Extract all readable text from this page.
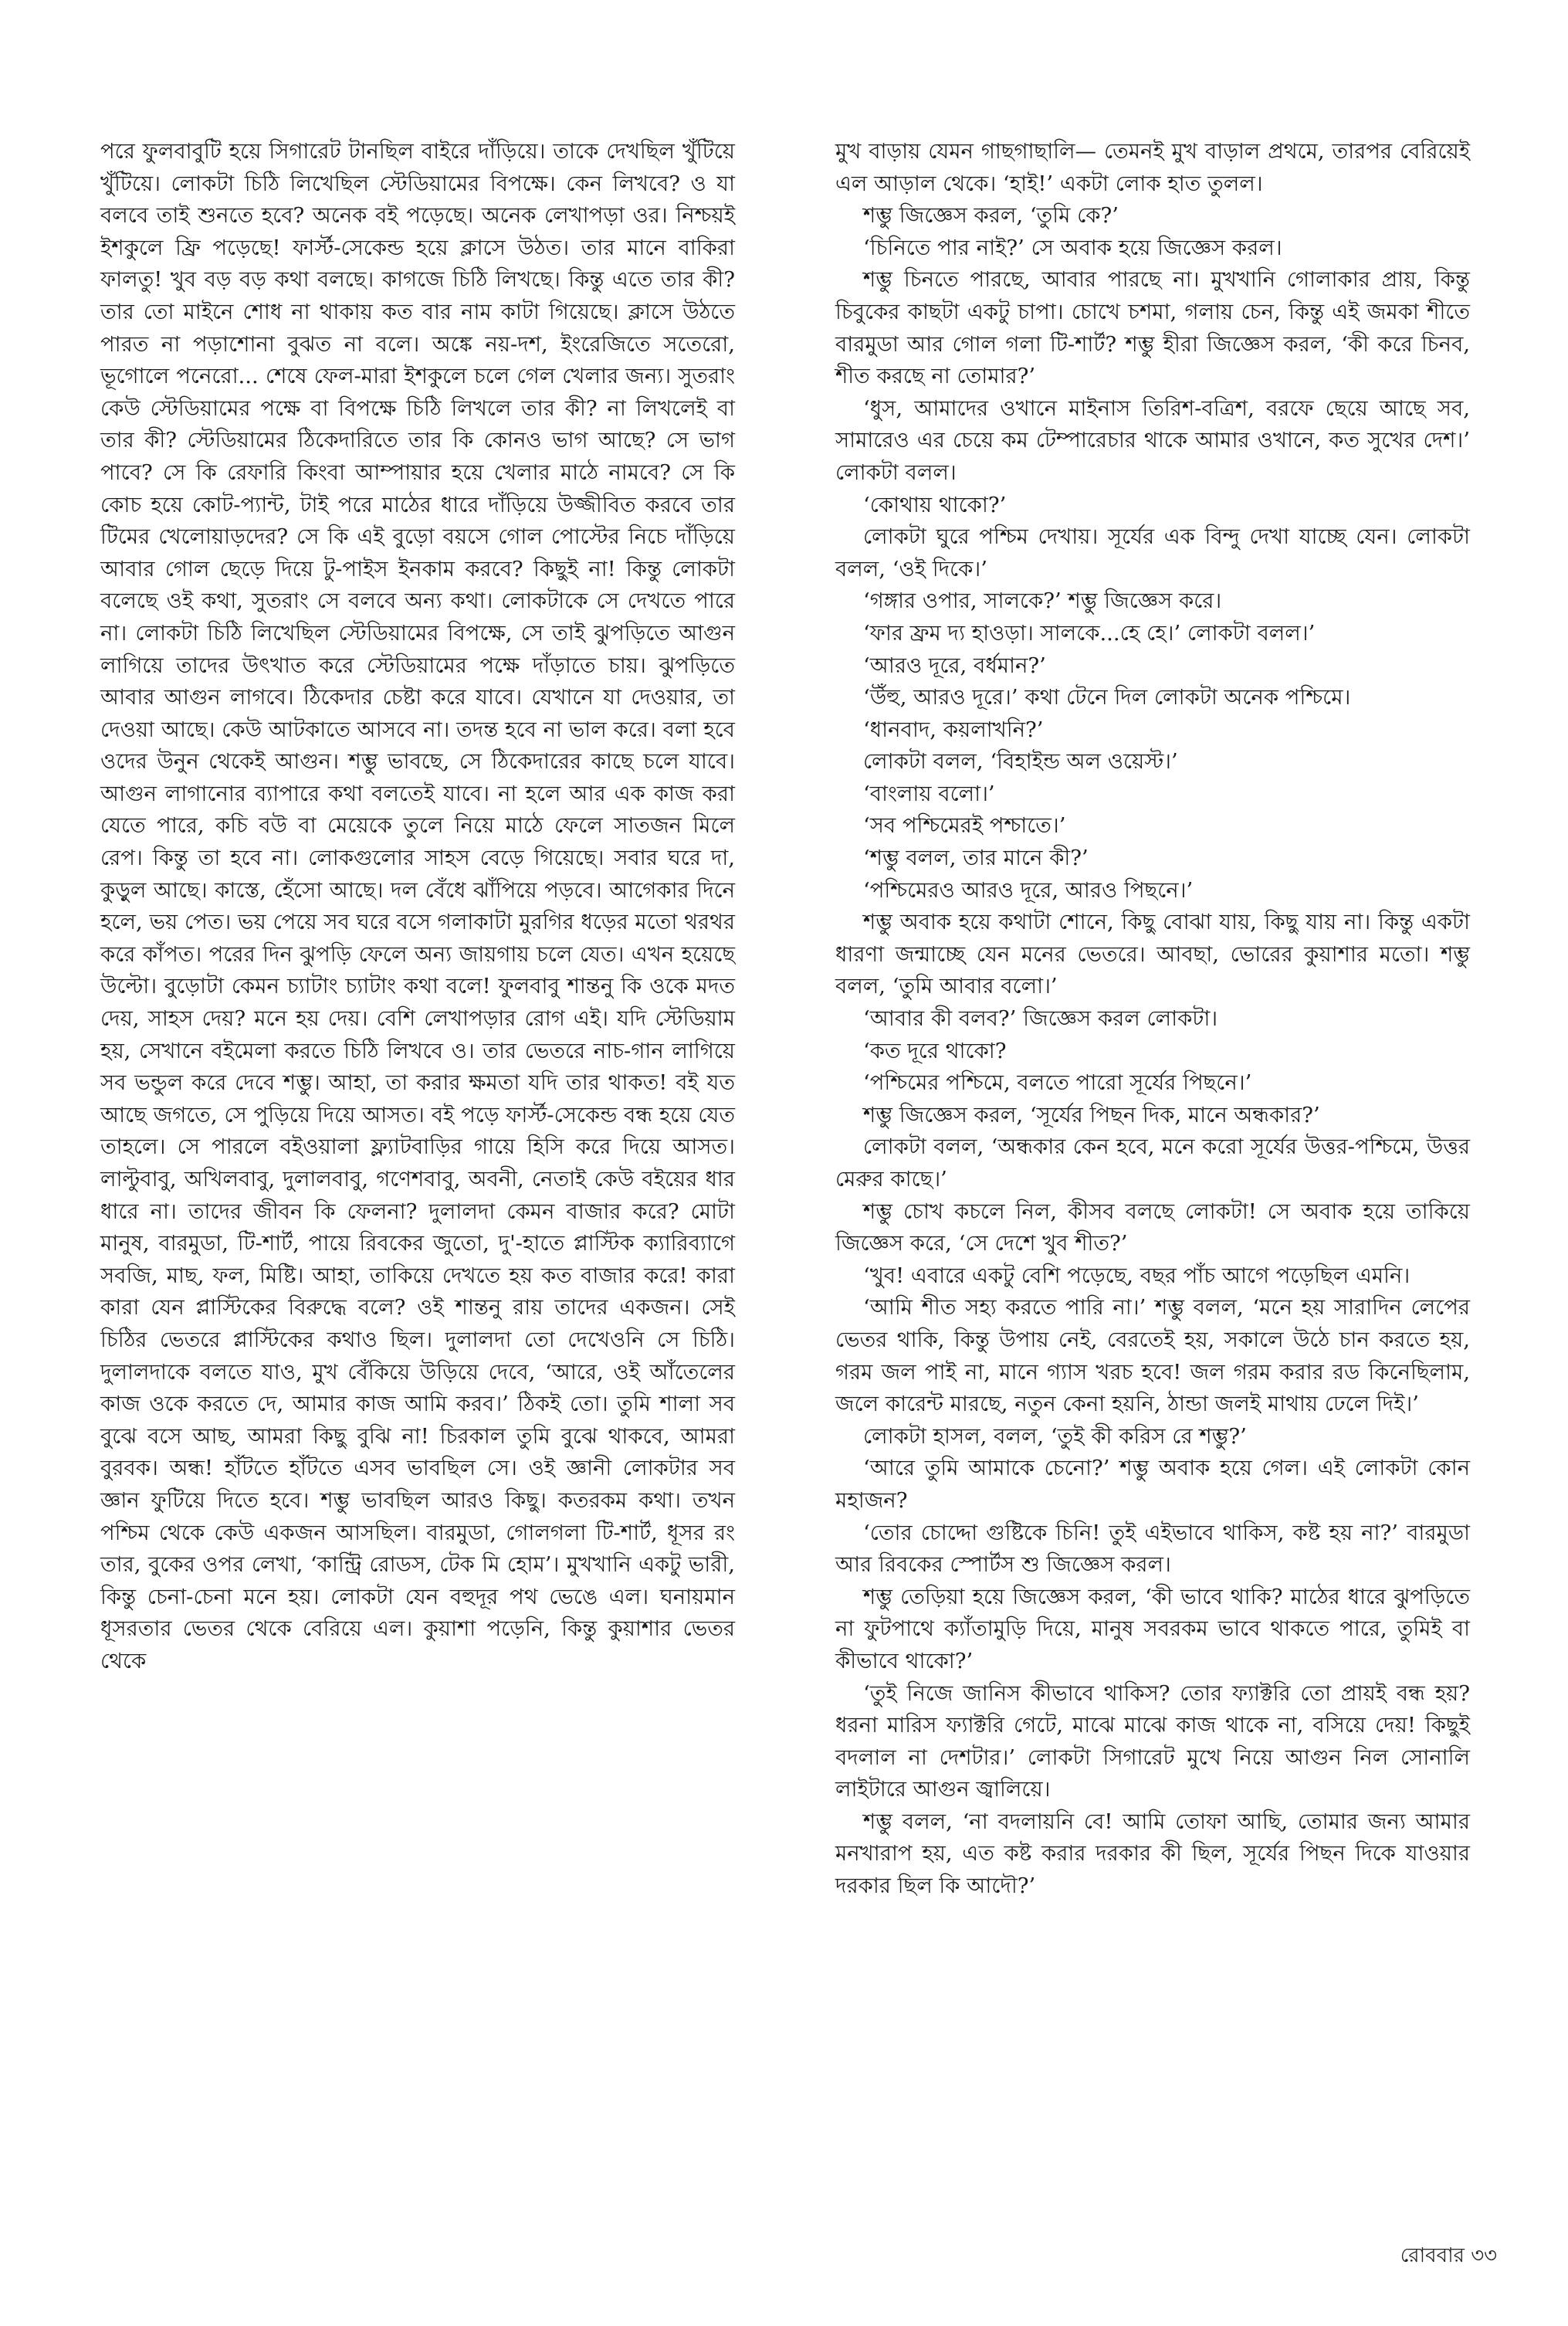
পরে ফুলবাবুটি হয়ে সিগারেট টানছিল বাইরে দাঁড়িয়ে। তাকে দেখছিল খুঁটিয়ে খুঁটিয়ে। লোকটা চিঠি লিখেছিল স্টেডিয়ামের বিপক্ষে। কেন লিখবে? ও যা বলবে তাই শুনতে হবে? অনেক বই পড়েছে। অনেক লেখাপড়া ওর। নিশ্চয়ই ইশকুলে ফ্রি পড়েছে! ফার্স্ট-সেকেন্ড হয়ে ক্লাসে উঠত। তার মানে বাকিরা ফালতু! খুব বড় বড় কথা বলছে। কাগজে চিঠি লিখছে। কিন্তু এতে তার কী? তার তো মাইনে শোধ না থাকায় কত বার নাম কাটা গিয়েছে। ক্লাসে উঠতে পারত না পড়াশোনা বুঝত না বলে। অঙ্কে নয়-দশ, ইংরেজিতে সতেরো, ভূগোলে পনেরো... শেষে ফেল-মারা ইশকুলে চলে গেল খেলার জন্য। সুতরাং কেউ স্টেডিয়ামের পক্ষে বা বিপক্ষে চিঠি লিখলে তার কী? না লিখলেই বা তার কী? স্টেডিয়ামের ঠিকেদারিতে তার কি কোনও ভাগ আছে? সে ভাগ পাবে? সে কি রেফারি কিংবা আম্পায়ার হয়ে খেলার মাঠে নামবে? সে কি কোচ হয়ে কোট-প্যান্ট, টাই পরে মাঠের ধারে দাঁড়িয়ে উজ্জীবিত করবে তার টিমের খেলোয়াড়দের? সে কি এই বুড়ো বয়সে গোল পোস্টের নিচে দাঁড়িয়ে আবার গোল ছেড়ে দিয়ে টু-পাইস ইনকাম করবে? কিছুই না! কিন্তু লোকটা বলেছে ওই কথা, সুতরাং সে বলবে অন্য কথা। লোকটাকে সে দেখতে পারে না। লোকটা চিঠি লিখেছিল স্টেডিয়ামের বিপক্ষে, সে তাই ঝুপড়িতে আগুন লাগিয়ে তাদের উৎখাত করে স্টেডিয়ামের পক্ষে দাঁড়াতে চায়। ঝুপড়িতে আবার আগুন লাগবে। ঠিকেদার চেষ্টা করে যাবে। যেখানে যা দেওয়ার, তা দেওয়া আছে। কেউ আটকাতে আসবে না। তদন্ত হবে না ভাল করে। বলা হবে ওদের উনুন থেকেই আগুন। শম্ভু ভাবছে, সে ঠিকেদারের কাছে চলে যাবে। আগুন লাগানোর ব্যাপারে কথা বলতেই যাবে। না হলে আর এক কাজ করা যেতে পারে, কচি বউ বা মেয়েকে তুলে নিয়ে মাঠে ফেলে সাতজন মিলে রেপ। কিন্তু তা হবে না। লোকগুলোর সাহস বেড়ে গিয়েছে। সবার ঘরে দা, কুড়ুল আছে। কাস্তে, হেঁসো আছে। দল বেঁধে ঝাঁপিয়ে পড়বে। আগেকার দিনে হলে, ভয় পেত। ভয় পেয়ে সব ঘরে বসে গলাকাটা মুরগির ধড়ের মতো থরথর করে কাঁপত। পরের দিন ঝুপড়ি ফেলে অন্য জায়গায় চলে যেত। এখন হয়েছে উল্টো। বুড়োটা কেমন চ্যাটাং চ্যাটাং কথা বলে! ফুলবাবু শান্তনু কি ওকে মদত দেয়, সাহস দেয়? মনে হয় দেয়। বেশি লেখাপড়ার রোগ এই। যদি স্টেডিয়াম হয়, সেখানে বইমেলা করতে চিঠি লিখবে ও। তার ভেতরে নাচ-গান লাগিয়ে সব ভন্ডুল করে দেবে শম্ভু। আহা, তা করার ক্ষমতা যদি তার থাকত! বই যত আছে জগতে, সে পুড়িয়ে দিয়ে আসত। বই পড়ে ফার্স্ট-সেকেন্ড বন্ধ হয়ে যেত তাহলে। সে পারলে বইওয়ালা ফ্ল্যাটবাড়ির গায়ে হিসি করে দিয়ে আসত। লাল্টুবাবু, অখিলবাবু, দুলালবাবু, গণেশবাবু, অবনী, নেতাই কেউ বইয়ের ধার ধারে না। তাদের জীবন কি ফেলনা? দুলালদা কেমন বাজার করে? মোটা মানুষ, বারমুডা, টি-শার্ট, পায়ে রিবকের জুতো, দু'-হাতে প্লাস্টিক ক্যারিব্যাগে সবজি, মাছ, ফল, মিষ্টি। আহা, তাকিয়ে দেখতে হয় কত বাজার করে! কারা কারা যেন প্লাস্টিকের বিরুদ্ধে বলে? ওই শান্তনু রায় তাদের একজন। সেই চিঠির ভেতরে প্লাস্টিকের কথাও ছিল। দুলালদা তো দেখেওনি সে চিঠি। দুলালদাকে বলতে যাও, মুখ বেঁকিয়ে উড়িয়ে দেবে, ‘আরে, ওই আঁতেলের কাজ ওকে করতে দে, আমার কাজ আমি করব।’ ঠিকই তো। তুমি শালা সব বুঝে বসে আছ, আমরা কিছু বুঝি না! চিরকাল তুমি বুঝে থাকবে, আমরা বুরবক। অন্ধ! হাঁটতে হাঁটতে এসব ভাবছিল সে। ওই জ্ঞানী লোকটার সব জ্ঞান ফুটিয়ে দিতে হবে। শম্ভু ভাবছিল আরও কিছু। কতরকম কথা। তখন পশ্চিম থেকে কেউ একজন আসছিল। বারমুডা, গোলগলা টি-শার্ট, ধূসর রং তার, বুকের ওপর লেখা, ‘কান্ট্রি রোডস, টেক মি হোম’। মুখখানি একটু ভারী, কিন্তু চেনা-চেনা মনে হয়। লোকটা যেন বহুদূর পথ ভেঙে এল। ঘনায়মান ধূসরতার ভেতর থেকে বেরিয়ে এল। কুয়াশা পড়েনি, কিন্তু কুয়াশার ভেতর থেকে

মুখ বাড়ায় যেমন গাছগাছালি— তেমনই মুখ বাড়াল প্রথমে, তারপর বেরিয়েই এল আড়াল থেকে। ‘হাই!’ একটা লোক হাত তুলল।

শম্ভু জিজ্ঞেস করল, ‘তুমি কে?’

‘চিনিতে পার নাই?’ সে অবাক হয়ে জিজ্ঞেস করল।

শম্ভু চিনতে পারছে, আবার পারছে না। মুখখানি গোলাকার প্রায়, কিন্তু চিবুকের কাছটা একটু চাপা। চোখে চশমা, গলায় চেন, কিন্তু এই জমকা শীতে বারমুডা আর গোল গলা টি-শার্ট? শম্ভু হীরা জিজ্ঞেস করল, ‘কী করে চিনব, শীত করছে না তোমার?’

‘ধুস, আমাদের ওখানে মাইনাস তিরিশ-বত্রিশ, বরফে ছেয়ে আছে সব, সামারেও এর চেয়ে কম টেম্পারেচার থাকে আমার ওখানে, কত সুখের দেশ।’ লোকটা বলল।

‘কোথায় থাকো?’

লোকটা ঘুরে পশ্চিম দেখায়। সূর্যের এক বিন্দু দেখা যাচ্ছে যেন। লোকটা বলল, ‘ওই দিকে।’

‘গঙ্গার ওপার, সালকে?’ শম্ভু জিজ্ঞেস করে।

‘ফার ফ্রম দ্য হাওড়া। সালকে...হে হে।’ লোকটা বলল।’

‘আরও দূরে, বর্ধমান?’

‘উঁহু, আরও দূরে।’ কথা টেনে দিল লোকটা অনেক পশ্চিমে।

‘ধানবাদ, কয়লাখনি?’

লোকটা বলল, ‘বিহাইন্ড অল ওয়েস্ট।’

‘বাংলায় বলো।’

‘সব পশ্চিমেরই পশ্চাতে।’

‘শম্ভু বলল, তার মানে কী?’

‘পশ্চিমেরও আরও দূরে, আরও পিছনে।’

শম্ভু অবাক হয়ে কথাটা শোনে, কিছু বোঝা যায়, কিছু যায় না। কিন্তু একটা ধারণা জন্মাচ্ছে যেন মনের ভেতরে। আবছা, ভোরের কুয়াশার মতো। শম্ভু বলল, ‘তুমি আবার বলো।’

‘আবার কী বলব?’ জিজ্ঞেস করল লোকটা।

‘কত দূরে থাকো?

‘পশ্চিমের পশ্চিমে, বলতে পারো সূর্যের পিছনে।’

শম্ভু জিজ্ঞেস করল, ‘সূর্যের পিছন দিক, মানে অন্ধকার?’

লোকটা বলল, ‘অন্ধকার কেন হবে, মনে করো সূর্যের উত্তর-পশ্চিমে, উত্তর মেরুর কাছে।’

শম্ভু চোখ কচলে নিল, কীসব বলছে লোকটা! সে অবাক হয়ে তাকিয়ে জিজ্ঞেস করে, ‘সে দেশে খুব শীত?’

‘খুব! এবারে একটু বেশি পড়েছে, বছর পাঁচ আগে পড়েছিল এমনি।

‘আমি শীত সহ্য করতে পারি না।’ শম্ভু বলল, ‘মনে হয় সারাদিন লেপের ভেতর থাকি, কিন্তু উপায় নেই, বেরতেই হয়, সকালে উঠে চান করতে হয়, গরম জল পাই না, মানে গ্যাস খরচ হবে! জল গরম করার রড কিনেছিলাম, জলে কারেন্ট মারছে, নতুন কেনা হয়নি, ঠান্ডা জলই মাথায় ঢেলে দিই।’

লোকটা হাসল, বলল, ‘তুই কী করিস রে শম্ভু?’

‘আরে তুমি আমাকে চেনো?’ শম্ভু অবাক হয়ে গেল। এই লোকটা কোন মহাজন?

‘তোর চোদ্দো গুষ্টিকে চিনি! তুই এইভাবে থাকিস, কষ্ট হয় না?’ বারমুডা আর রিবকের স্পোর্টস শু জিজ্ঞেস করল।

শম্ভু তেড়িয়া হয়ে জিজ্ঞেস করল, ‘কী ভাবে থাকি? মাঠের ধারে ঝুপড়িতে না ফুটপাথে ক্যাঁতামুড়ি দিয়ে, মানুষ সবরকম ভাবে থাকতে পারে, তুমিই বা কীভাবে থাকো?’

‘তুই নিজে জানিস কীভাবে থাকিস? তোর ফ্যাক্টরি তো প্রায়ই বন্ধ হয়? ধরনা মারিস ফ্যাক্টরি গেটে, মাঝে মাঝে কাজ থাকে না, বসিয়ে দেয়! কিছুই বদলাল না দেশটার।’ লোকটা সিগারেট মুখে নিয়ে আগুন নিল সোনালি লাইটারে আগুন জ্বালিয়ে।

শম্ভু বলল, ‘না বদলায়নি বে! আমি তোফা আছি, তোমার জন্য আমার মনখারাপ হয়, এত কষ্ট করার দরকার কী ছিল, সূর্যের পিছন দিকে যাওয়ার দরকার ছিল কি আদৌ?’

রোববার ৩৩
